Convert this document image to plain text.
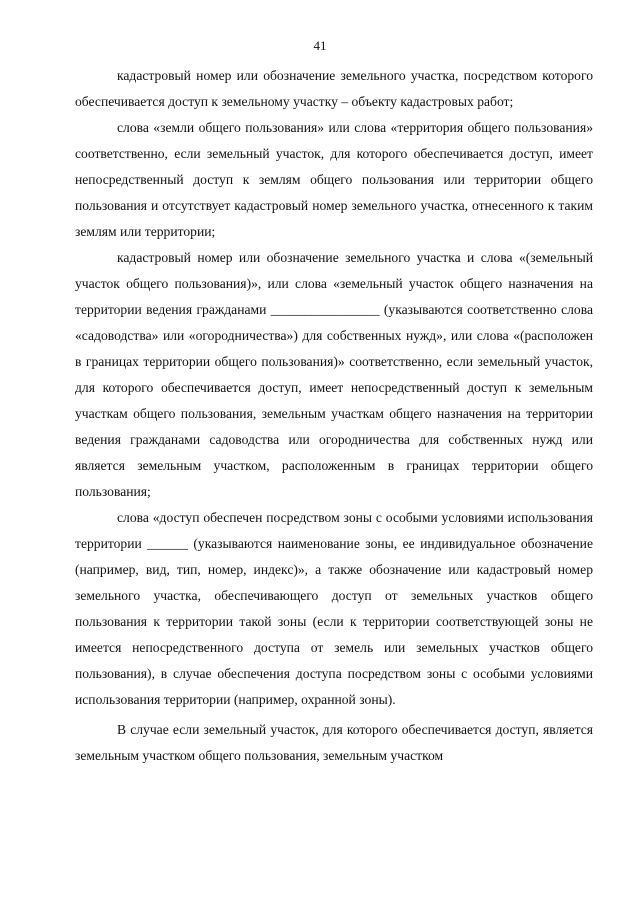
41

кадастровый номер или обозначение земельного участка, посредством которого обеспечивается доступ к земельному участку – объекту кадастровых работ;

слова «земли общего пользования» или слова «территория общего пользования» соответственно, если земельный участок, для которого обеспечивается доступ, имеет непосредственный доступ к землям общего пользования или территории общего пользования и отсутствует кадастровый номер земельного участка, отнесенного к таким землям или территории;

кадастровый номер или обозначение земельного участка и слова «(земельный участок общего пользования)», или слова «земельный участок общего назначения на территории ведения гражданами ________________ (указываются соответственно слова «садоводства» или «огородничества») для собственных нужд», или слова «(расположен в границах территории общего пользования)» соответственно, если земельный участок, для которого обеспечивается доступ, имеет непосредственный доступ к земельным участкам общего пользования, земельным участкам общего назначения на территории ведения гражданами садоводства или огородничества для собственных нужд или является земельным участком, расположенным в границах территории общего пользования;

слова «доступ обеспечен посредством зоны с особыми условиями использования территории ______ (указываются наименование зоны, ее индивидуальное обозначение (например, вид, тип, номер, индекс)», а также обозначение или кадастровый номер земельного участка, обеспечивающего доступ от земельных участков общего пользования к территории такой зоны (если к территории соответствующей зоны не имеется непосредственного доступа от земель или земельных участков общего пользования), в случае обеспечения доступа посредством зоны с особыми условиями использования территории (например, охранной зоны).

В случае если земельный участок, для которого обеспечивается доступ, является земельным участком общего пользования, земельным участком
